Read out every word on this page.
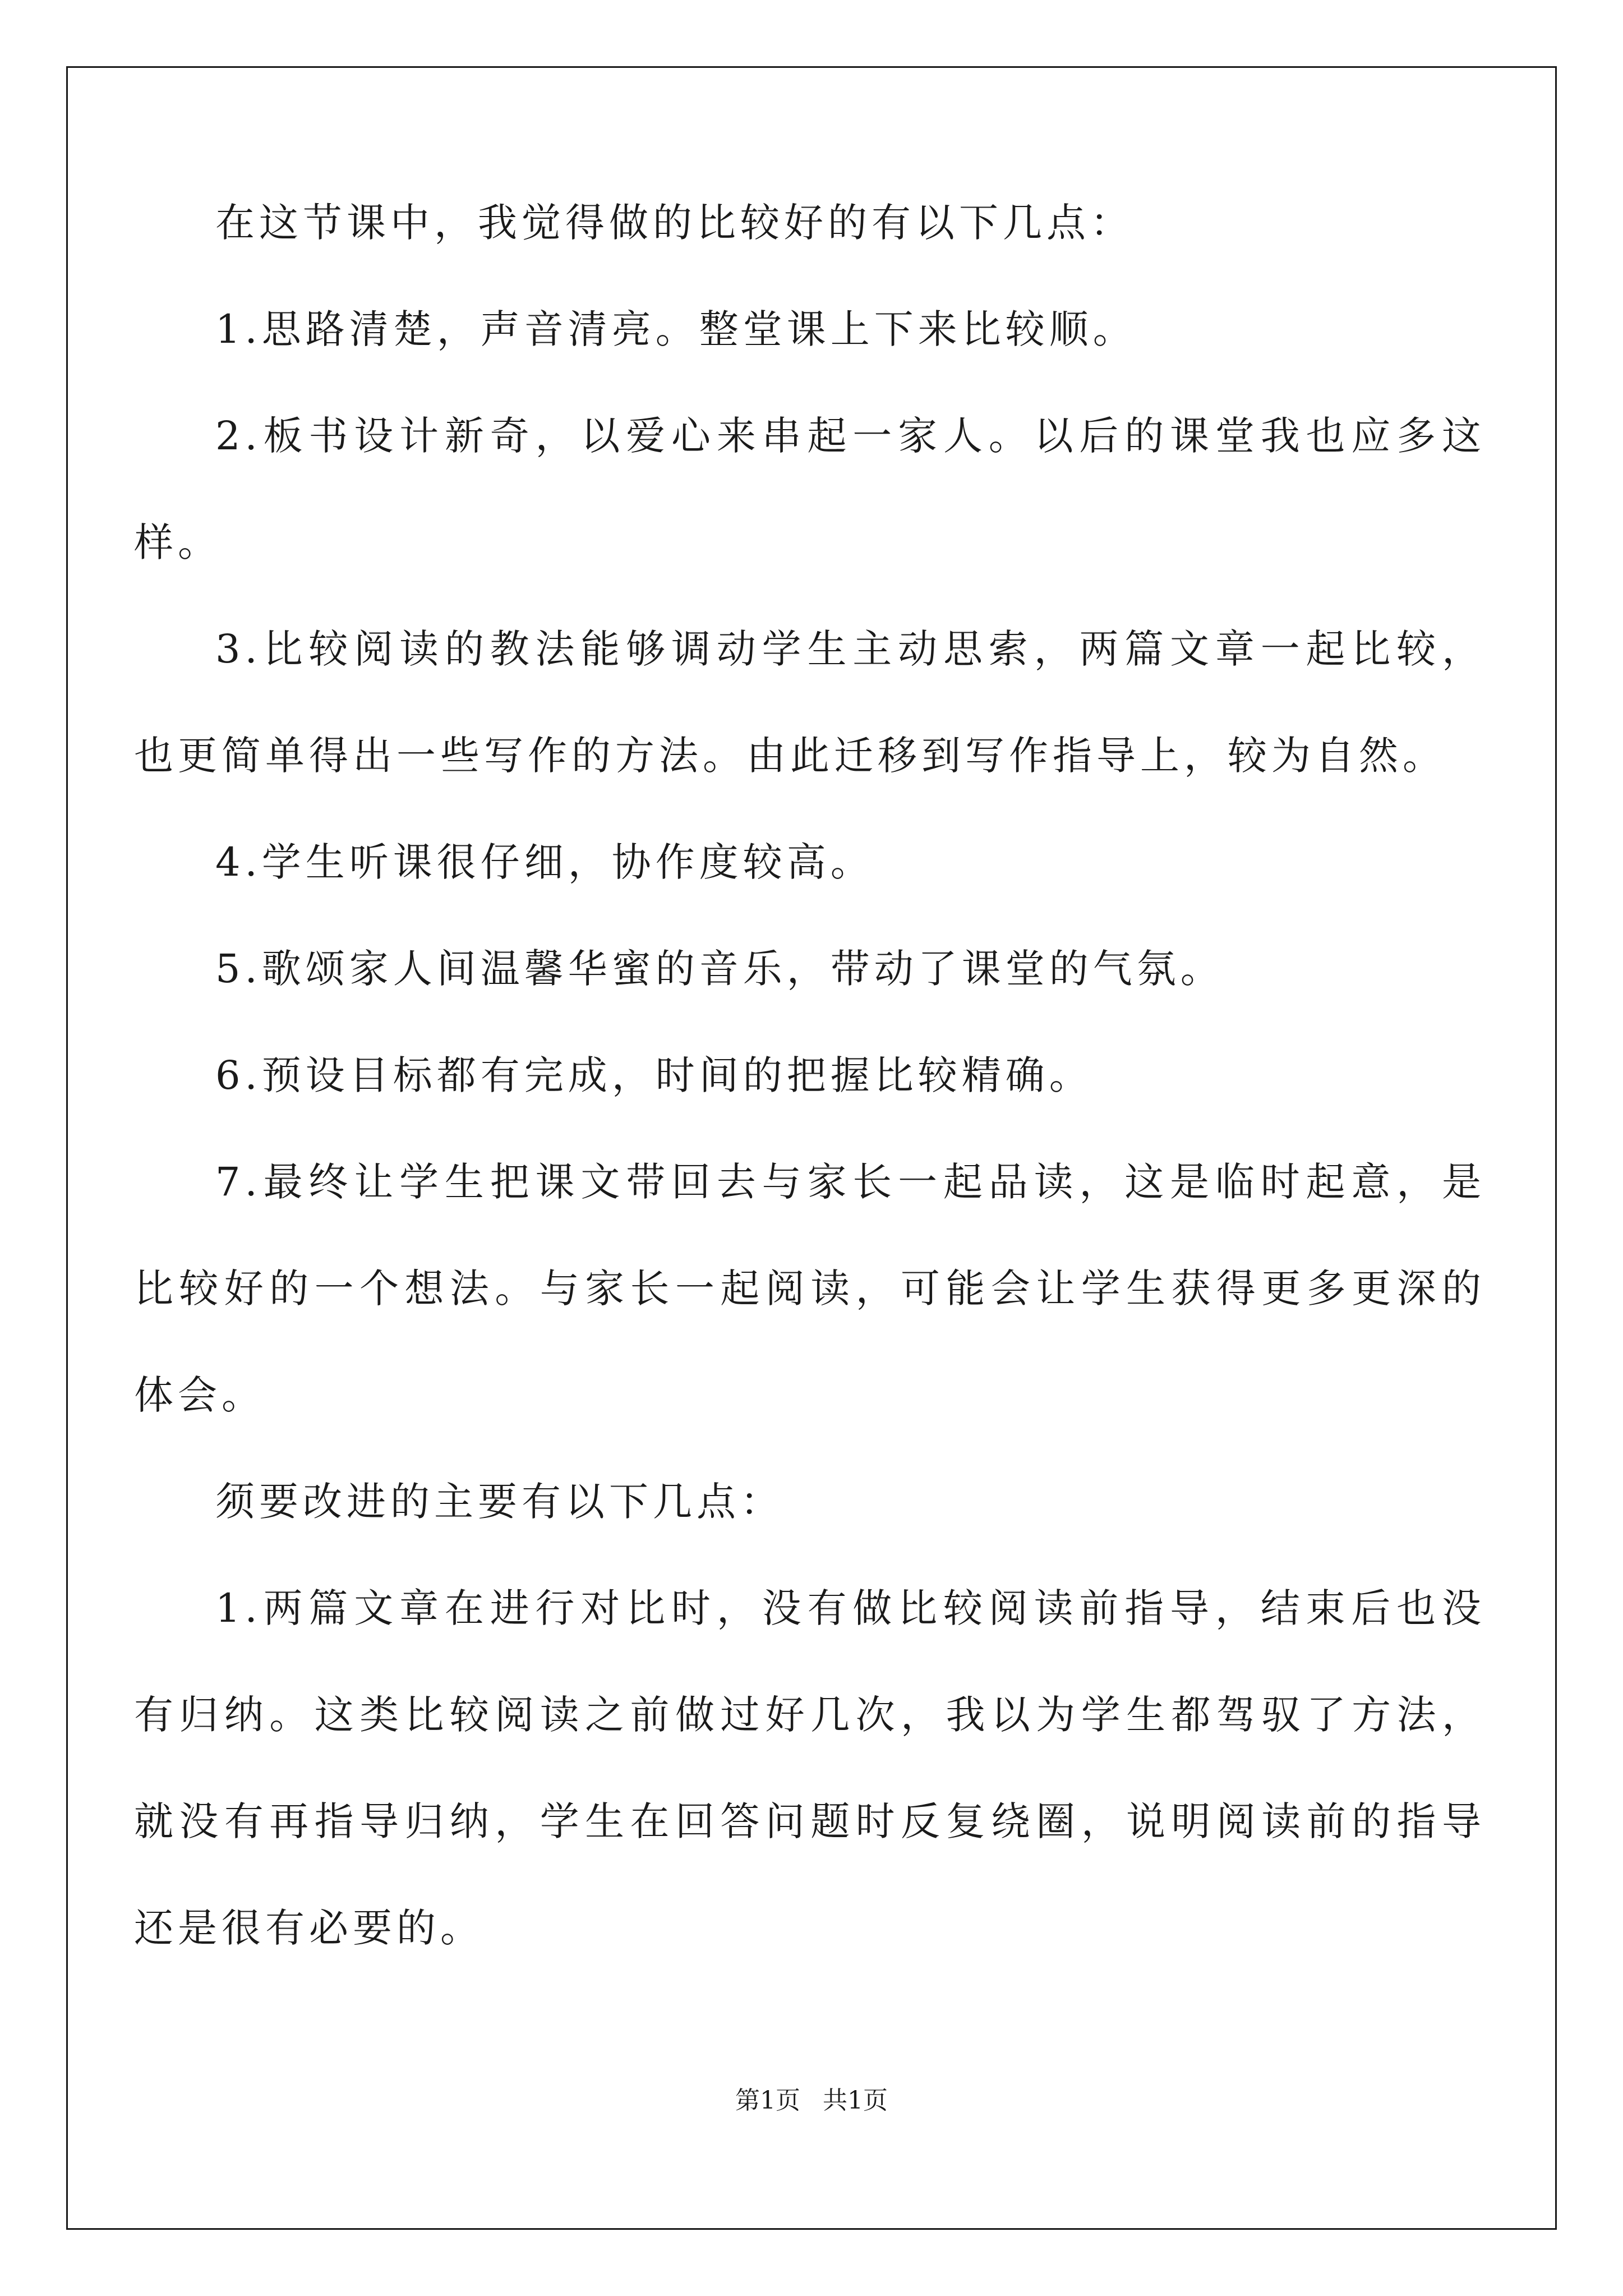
在这节课中，我觉得做的比较好的有以下几点：

1.思路清楚，声音清亮。整堂课上下来比较顺。

2.板书设计新奇，以爱心来串起一家人。以后的课堂我也应多这样。

3.比较阅读的教法能够调动学生主动思索，两篇文章一起比较，也更简单得出一些写作的方法。由此迁移到写作指导上，较为自然。

4.学生听课很仔细，协作度较高。

5.歌颂家人间温馨华蜜的音乐，带动了课堂的气氛。

6.预设目标都有完成，时间的把握比较精确。

7.最终让学生把课文带回去与家长一起品读，这是临时起意，是比较好的一个想法。与家长一起阅读，可能会让学生获得更多更深的体会。

须要改进的主要有以下几点：

1.两篇文章在进行对比时，没有做比较阅读前指导，结束后也没有归纳。这类比较阅读之前做过好几次，我以为学生都驾驭了方法，就没有再指导归纳，学生在回答问题时反复绕圈，说明阅读前的指导还是很有必要的。

第1页 共1页
